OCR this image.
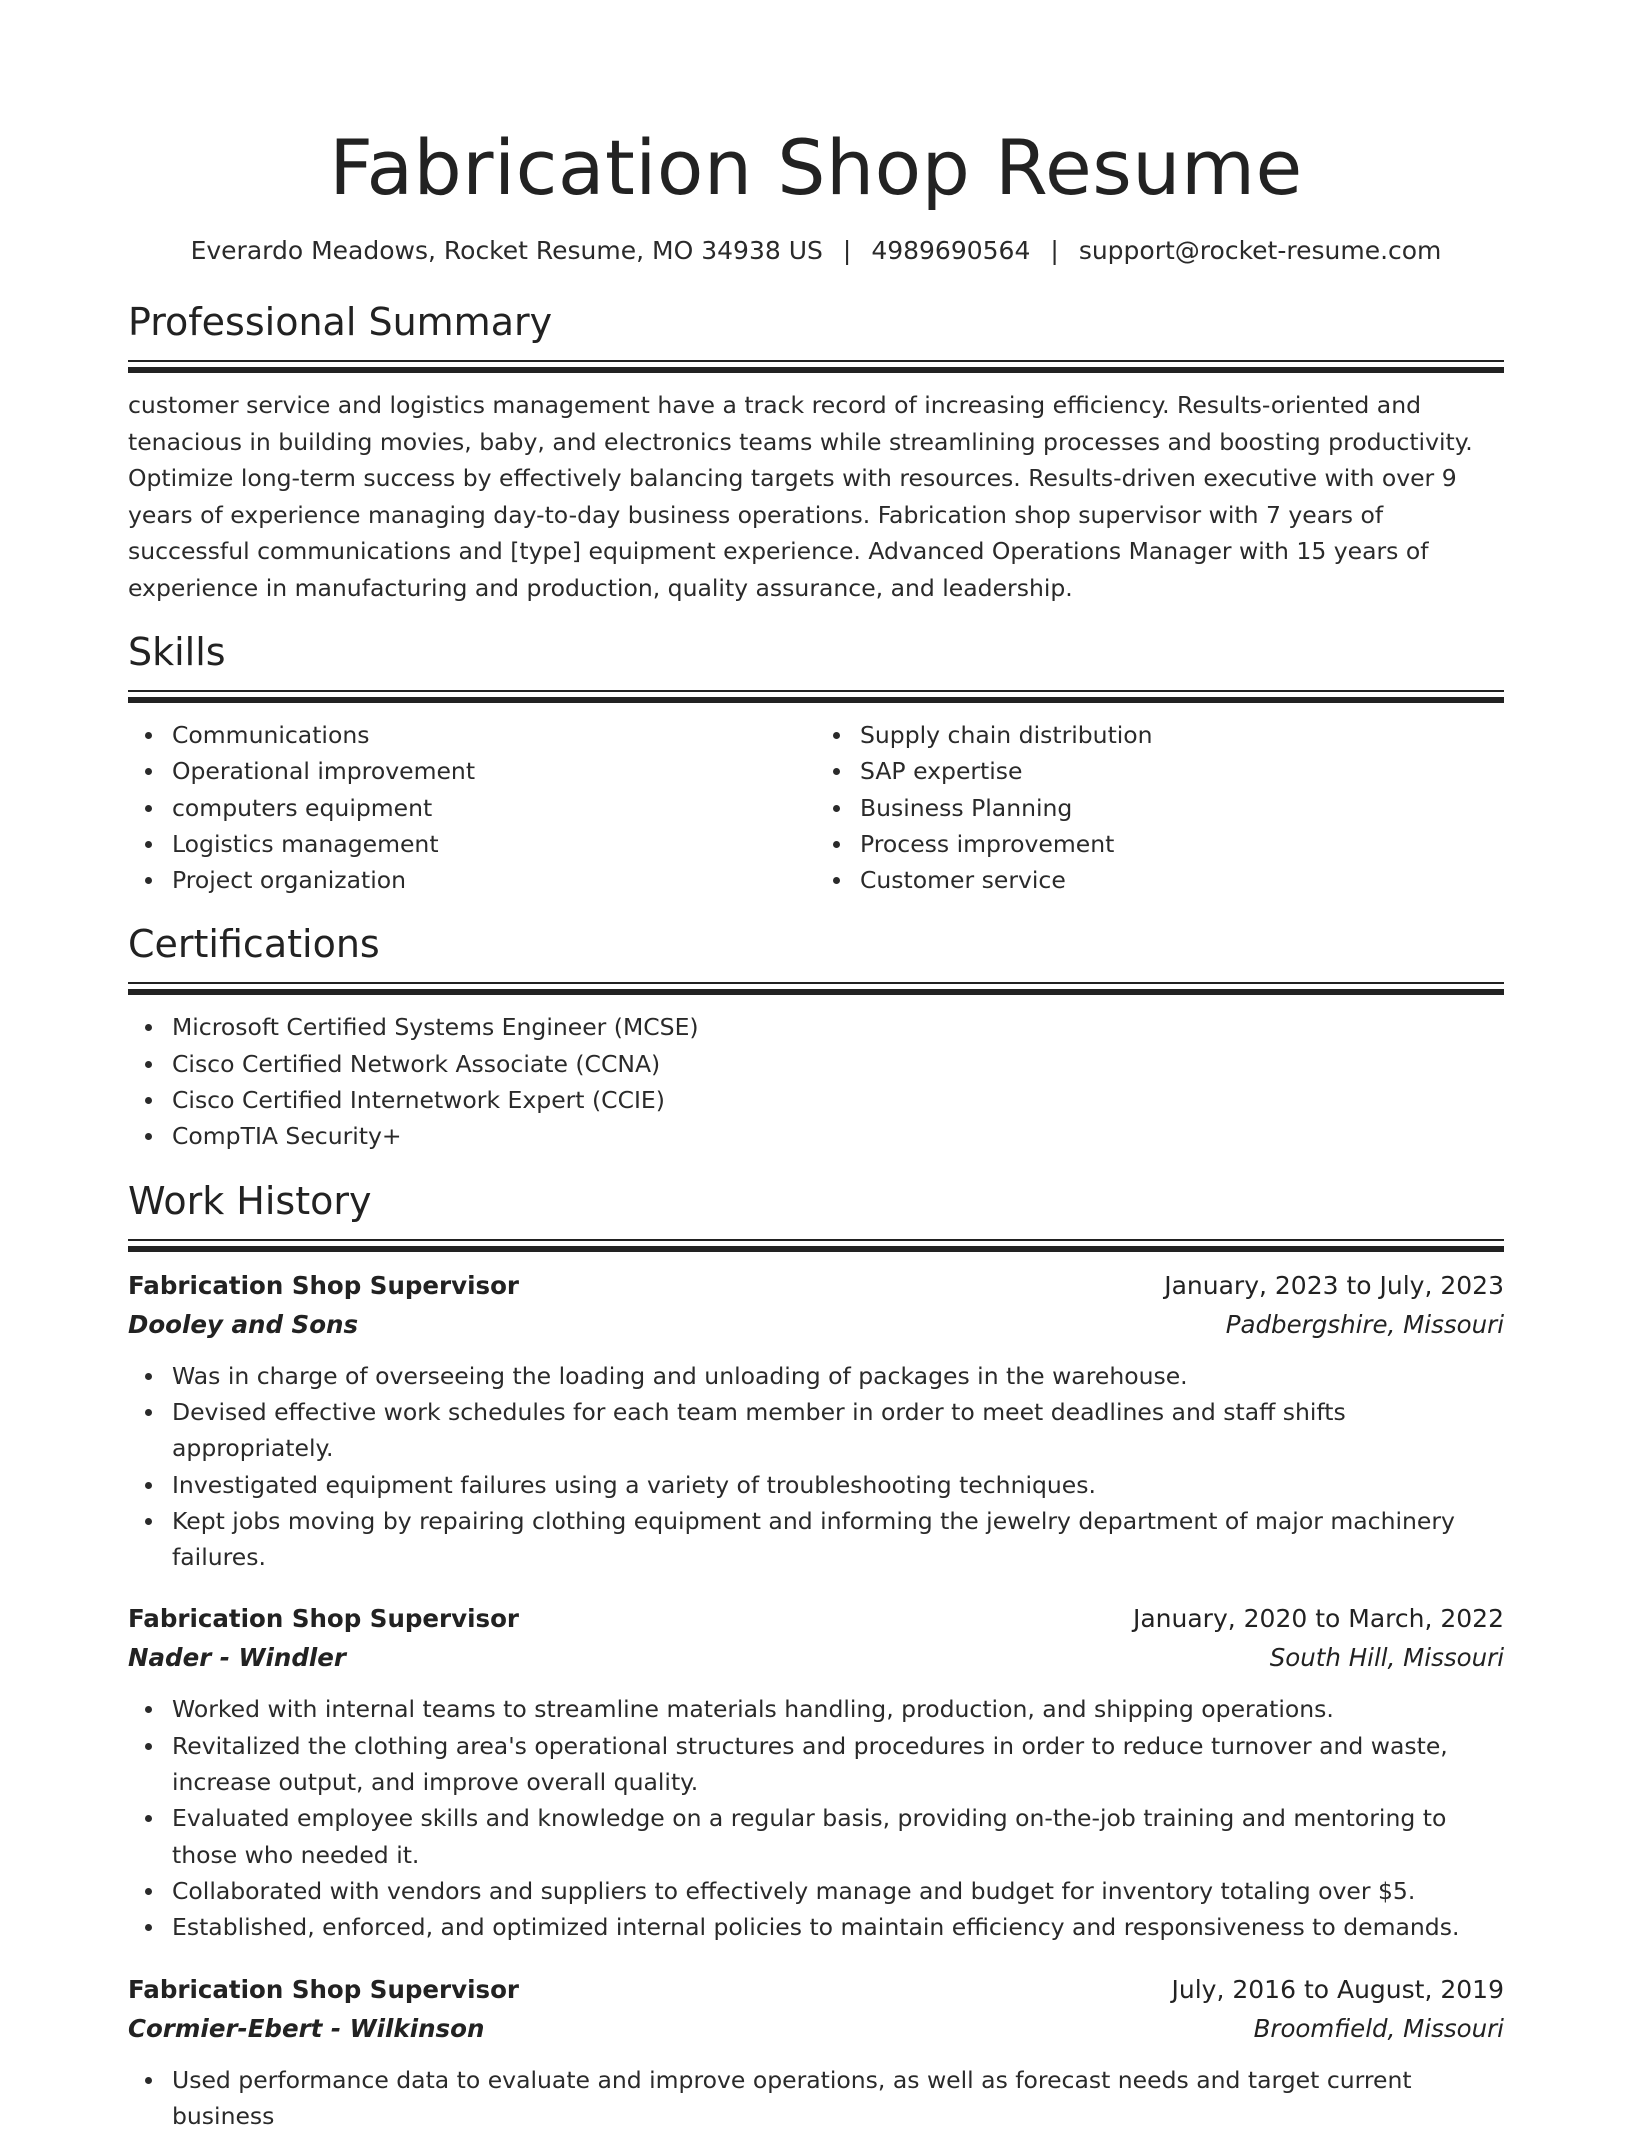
Fabrication Shop Resume
Everardo Meadows, Rocket Resume, MO 34938 US | 4989690564 | support@rocket-resume.com
Professional Summary

customer service and logistics management have a track record of increasing efficiency. Results-oriented and tenacious in building movies, baby, and electronics teams while streamlining processes and boosting productivity. Optimize long-term success by effectively balancing targets with resources. Results-driven executive with over 9 years of experience managing day-to-day business operations. Fabrication shop supervisor with 7 years of successful communications and [type] equipment experience. Advanced Operations Manager with 15 years of experience in manufacturing and production, quality assurance, and leadership.

Skills
Communications
Operational improvement
computers equipment
Logistics management
Project organization
Supply chain distribution
SAP expertise
Business Planning
Process improvement
Customer service
Certifications
Microsoft Certified Systems Engineer (MCSE)
Cisco Certified Network Associate (CCNA)
Cisco Certified Internetwork Expert (CCIE)
CompTIA Security+
Work History
Fabrication Shop Supervisor	January, 2023 to July, 2023
Dooley and Sons	Padbergshire, Missouri
Was in charge of overseeing the loading and unloading of packages in the warehouse.
Devised effective work schedules for each team member in order to meet deadlines and staff shifts appropriately.
Investigated equipment failures using a variety of troubleshooting techniques.
Kept jobs moving by repairing clothing equipment and informing the jewelry department of major machinery failures.
Fabrication Shop Supervisor	January, 2020 to March, 2022
Nader - Windler	South Hill, Missouri
Worked with internal teams to streamline materials handling, production, and shipping operations.
Revitalized the clothing area's operational structures and procedures in order to reduce turnover and waste, increase output, and improve overall quality.
Evaluated employee skills and knowledge on a regular basis, providing on-the-job training and mentoring to those who needed it.
Collaborated with vendors and suppliers to effectively manage and budget for inventory totaling over $5.
Established, enforced, and optimized internal policies to maintain efficiency and responsiveness to demands.
Fabrication Shop Supervisor	July, 2016 to August, 2019
Cormier-Ebert - Wilkinson	Broomfield, Missouri
Used performance data to evaluate and improve operations, as well as forecast needs and target current business
